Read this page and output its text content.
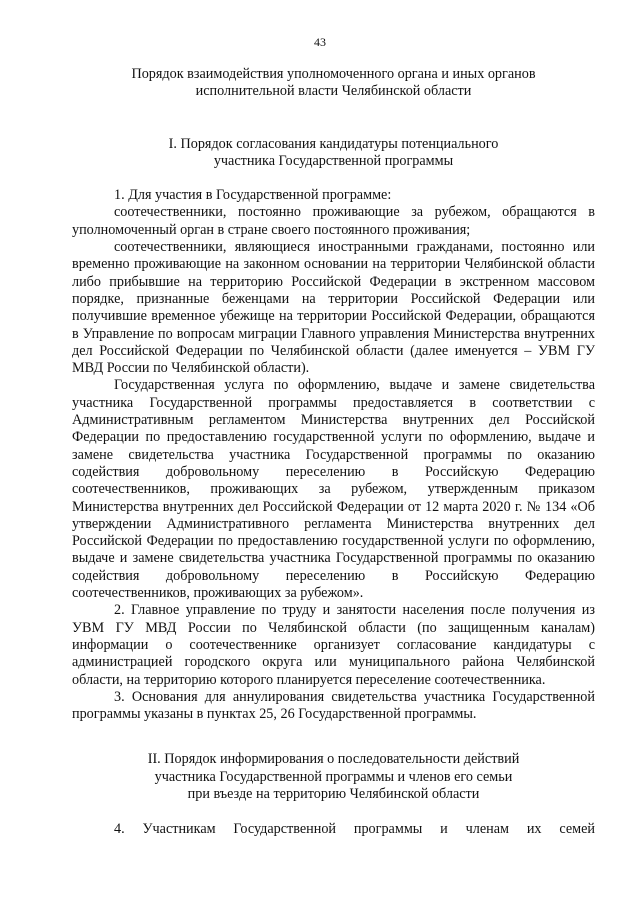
43
Порядок взаимодействия уполномоченного органа и иных органов
исполнительной власти Челябинской области
I. Порядок согласования кандидатуры потенциального
участника Государственной программы

1. Для участия в Государственной программе:

соотечественники, постоянно проживающие за рубежом, обращаются в уполномоченный орган в стране своего постоянного проживания;

соотечественники, являющиеся иностранными гражданами, постоянно или временно проживающие на законном основании на территории Челябинской области либо прибывшие на территорию Российской Федерации в экстренном массовом порядке, признанные беженцами на территории Российской Федерации или получившие временное убежище на территории Российской Федерации, обращаются в Управление по вопросам миграции Главного управления Министерства внутренних дел Российской Федерации по Челябинской области (далее именуется – УВМ ГУ МВД России по Челябинской области).

Государственная услуга по оформлению, выдаче и замене свидетельства участника Государственной программы предоставляется в соответствии с Административным регламентом Министерства внутренних дел Российской Федерации по предоставлению государственной услуги по оформлению, выдаче и замене свидетельства участника Государственной программы по оказанию содействия добровольному переселению в Российскую Федерацию соотечественников, проживающих за рубежом, утвержденным приказом Министерства внутренних дел Российской Федерации от 12 марта 2020 г. № 134 «Об утверждении Административного регламента Министерства внутренних дел Российской Федерации по предоставлению государственной услуги по оформлению, выдаче и замене свидетельства участника Государственной программы по оказанию содействия добровольному переселению в Российскую Федерацию соотечественников, проживающих за рубежом».

2. Главное управление по труду и занятости населения после получения из УВМ ГУ МВД России по Челябинской области (по защищенным каналам) информации о соотечественнике организует согласование кандидатуры с администрацией городского округа или муниципального района Челябинской области, на территорию которого планируется переселение соотечественника.

3. Основания для аннулирования свидетельства участника Государственной программы указаны в пунктах 25, 26 Государственной программы.

II. Порядок информирования о последовательности действий
участника Государственной программы и членов его семьи
при въезде на территорию Челябинской области

4. Участникам Государственной программы и членам их семей
